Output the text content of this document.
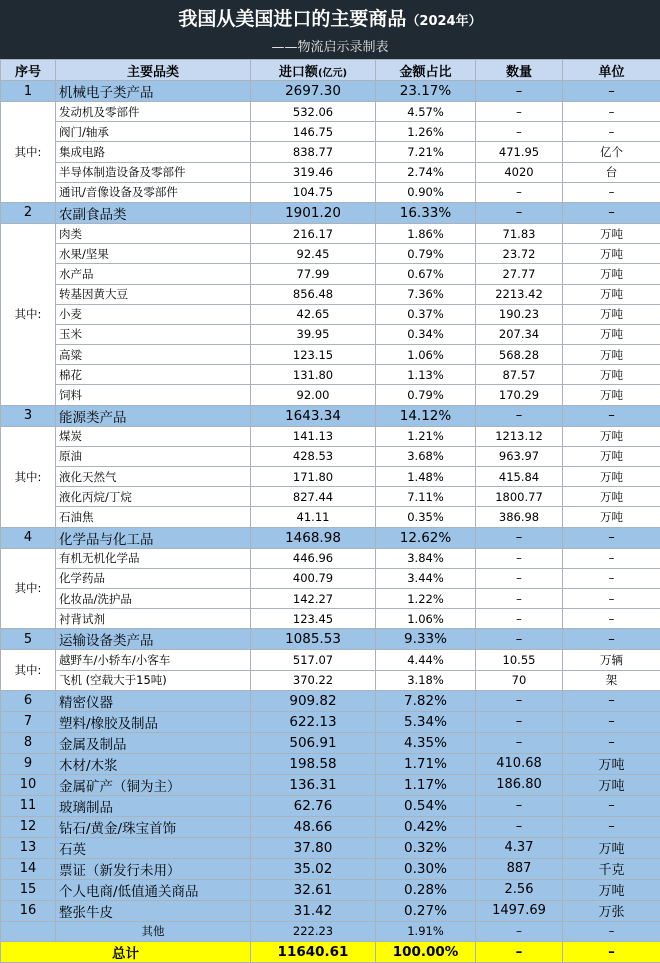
我国从美国进口的主要商品（2024年）
——物流启示录制表
序号	主要品类	进口额(亿元)	金额占比	数量	单位
1	机械电子类产品	2697.30	23.17%	–	–
其中:	发动机及零部件	532.06	4.57%	–	–
	阀门/轴承	146.75	1.26%	–	–
	集成电路	838.77	7.21%	471.95	亿个
	半导体制造设备及零部件	319.46	2.74%	4020	台
	通讯/音像设备及零部件	104.75	0.90%	–	–
2	农副食品类	1901.20	16.33%	–	–
其中:	肉类	216.17	1.86%	71.83	万吨
	水果/坚果	92.45	0.79%	23.72	万吨
	水产品	77.99	0.67%	27.77	万吨
	转基因黄大豆	856.48	7.36%	2213.42	万吨
	小麦	42.65	0.37%	190.23	万吨
	玉米	39.95	0.34%	207.34	万吨
	高粱	123.15	1.06%	568.28	万吨
	棉花	131.80	1.13%	87.57	万吨
	饲料	92.00	0.79%	170.29	万吨
3	能源类产品	1643.34	14.12%	–	–
其中:	煤炭	141.13	1.21%	1213.12	万吨
	原油	428.53	3.68%	963.97	万吨
	液化天然气	171.80	1.48%	415.84	万吨
	液化丙烷/丁烷	827.44	7.11%	1800.77	万吨
	石油焦	41.11	0.35%	386.98	万吨
4	化学品与化工品	1468.98	12.62%	–	–
其中:	有机无机化学品	446.96	3.84%	–	–
	化学药品	400.79	3.44%	–	–
	化妆品/洗护品	142.27	1.22%	–	–
	衬背试剂	123.45	1.06%	–	–
5	运输设备类产品	1085.53	9.33%	–	–
其中:	越野车/小轿车/小客车	517.07	4.44%	10.55	万辆
	飞机 (空载大于15吨)	370.22	3.18%	70	架
6	精密仪器	909.82	7.82%	–	–
7	塑料/橡胶及制品	622.13	5.34%	–	–
8	金属及制品	506.91	4.35%	–	–
9	木材/木浆	198.58	1.71%	410.68	万吨
10	金属矿产（铜为主）	136.31	1.17%	186.80	万吨
11	玻璃制品	62.76	0.54%	–	–
12	钻石/黄金/珠宝首饰	48.66	0.42%	–	–
13	石英	37.80	0.32%	4.37	万吨
14	票证（新发行未用）	35.02	0.30%	887	千克
15	个人电商/低值通关商品	32.61	0.28%	2.56	万吨
16	整张牛皮	31.42	0.27%	1497.69	万张
	其他	222.23	1.91%	–	–
总计		11640.61	100.00%	–	–
